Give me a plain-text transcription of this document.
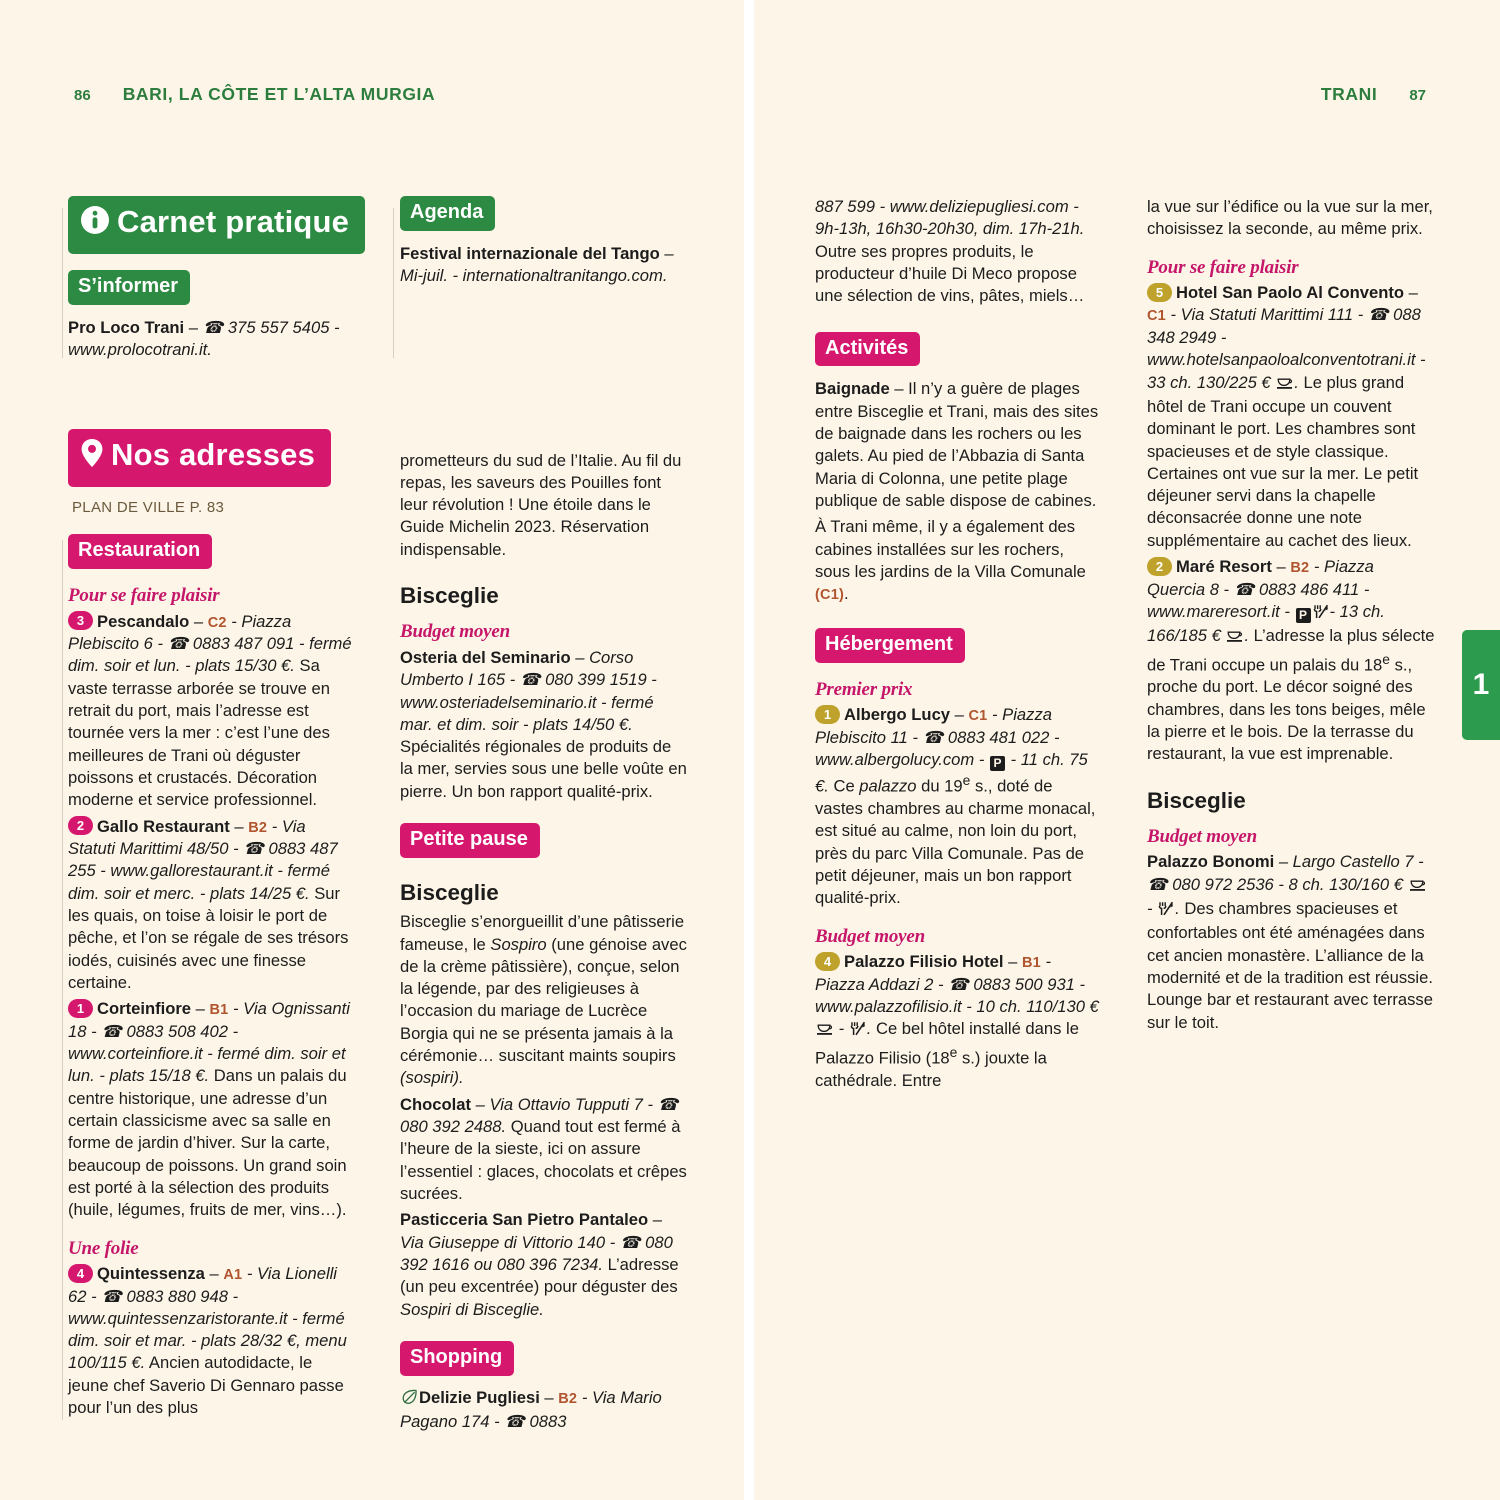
86 BARI, LA CÔTE ET L’ALTA MURGIA	TRANI 87
1
Carnet pratique
S’informer

Pro Loco Trani – ☎ 375 557 5405 - www.prolocotrani.it.

Nos adresses
PLAN DE VILLE P. 83
Restauration
Pour se faire plaisir

3 Pescandalo – C2 - Piazza Plebiscito 6 - ☎ 0883 487 091 - fermé dim. soir et lun. - plats 15/30 €. Sa vaste terrasse arborée se trouve en retrait du port, mais l’adresse est tournée vers la mer : c’est l’une des meilleures de Trani où déguster poissons et crustacés. Décoration moderne et service professionnel.

2 Gallo Restaurant – B2 - Via Statuti Marittimi 48/50 - ☎ 0883 487 255 - www.gallorestaurant.it - fermé dim. soir et merc. - plats 14/25 €. Sur les quais, on toise à loisir le port de pêche, et l’on se régale de ses trésors iodés, cuisinés avec une finesse certaine.

1 Corteinfiore – B1 - Via Ognissanti 18 - ☎ 0883 508 402 - www.corteinfiore.it - fermé dim. soir et lun. - plats 15/18 €. Dans un palais du centre historique, une adresse d’un certain classicisme avec sa salle en forme de jardin d’hiver. Sur la carte, beaucoup de poissons. Un grand soin est porté à la sélection des produits (huile, légumes, fruits de mer, vins…).

Une folie

4 Quintessenza – A1 - Via Lionelli 62 - ☎ 0883 880 948 - www.quintessenzaristorante.it - fermé dim. soir et mar. - plats 28/32 €, menu 100/115 €. Ancien autodidacte, le jeune chef Saverio Di Gennaro passe pour l’un des plus

Agenda

Festival internazionale del Tango – Mi-juil. - internationaltranitango.com.

prometteurs du sud de l’Italie. Au fil du repas, les saveurs des Pouilles font leur révolution ! Une étoile dans le Guide Michelin 2023. Réservation indispensable.

Bisceglie
Budget moyen

Osteria del Seminario – Corso Umberto I 165 - ☎ 080 399 1519 - www.osteriadelseminario.it - fermé mar. et dim. soir - plats 14/50 €. Spécialités régionales de produits de la mer, servies sous une belle voûte en pierre. Un bon rapport qualité-prix.

Petite pause
Bisceglie

Bisceglie s’enorgueillit d’une pâtisserie fameuse, le Sospiro (une génoise avec de la crème pâtissière), conçue, selon la légende, par des religieuses à l’occasion du mariage de Lucrèce Borgia qui ne se présenta jamais à la cérémonie… suscitant maints soupirs (sospiri).

Chocolat – Via Ottavio Tupputi 7 - ☎ 080 392 2488. Quand tout est fermé à l’heure de la sieste, ici on assure l’essentiel : glaces, chocolats et crêpes sucrées.

Pasticceria San Pietro Pantaleo – Via Giuseppe di Vittorio 140 - ☎ 080 392 1616 ou 080 396 7234. L’adresse (un peu excentrée) pour déguster des Sospiri di Bisceglie.

Shopping

Delizie Pugliesi – B2 - Via Mario Pagano 174 - ☎ 0883

887 599 - www.deliziepugliesi.com - 9h-13h, 16h30-20h30, dim. 17h-21h. Outre ses propres produits, le producteur d’huile Di Meco propose une sélection de vins, pâtes, miels…

Activités

Baignade – Il n’y a guère de plages entre Bisceglie et Trani, mais des sites de baignade dans les rochers ou les galets. Au pied de l’Abbazia di Santa Maria di Colonna, une petite plage publique de sable dispose de cabines.

À Trani même, il y a également des cabines installées sur les rochers, sous les jardins de la Villa Comunale (C1).

Hébergement
Premier prix

1 Albergo Lucy – C1 - Piazza Plebiscito 11 - ☎ 0883 481 022 - www.albergolucy.com - P - 11 ch. 75 €. Ce palazzo du 19e s., doté de vastes chambres au charme monacal, est situé au calme, non loin du port, près du parc Villa Comunale. Pas de petit déjeuner, mais un bon rapport qualité-prix.

Budget moyen

4 Palazzo Filisio Hotel – B1 - Piazza Addazi 2 - ☎ 0883 500 931 - www.palazzofilisio.it - 10 ch. 110/130 €  - . Ce bel hôtel installé dans le Palazzo Filisio (18e s.) jouxte la cathédrale. Entre

la vue sur l’édifice ou la vue sur la mer, choisissez la seconde, au même prix.

Pour se faire plaisir

5 Hotel San Paolo Al Convento – C1 - Via Statuti Marittimi 111 - ☎ 088 348 2949 - www.hotelsanpaoloalconventotrani.it - 33 ch. 130/225 € . Le plus grand hôtel de Trani occupe un couvent dominant le port. Les chambres sont spacieuses et de style classique. Certaines ont vue sur la mer. Le petit déjeuner servi dans la chapelle déconsacrée donne une note supplémentaire au cachet des lieux.

2 Maré Resort – B2 - Piazza Quercia 8 - ☎ 0883 486 411 - www.mareresort.it - P - 13 ch. 166/185 € . L’adresse la plus sélecte de Trani occupe un palais du 18e s., proche du port. Le décor soigné des chambres, dans les tons beiges, mêle la pierre et le bois. De la terrasse du restaurant, la vue est imprenable.

Bisceglie
Budget moyen

Palazzo Bonomi – Largo Castello 7 - ☎ 080 972 2536 - 8 ch. 130/160 €  - . Des chambres spacieuses et confortables ont été aménagées dans cet ancien monastère. L’alliance de la modernité et de la tradition est réussie. Lounge bar et restaurant avec terrasse sur le toit.
